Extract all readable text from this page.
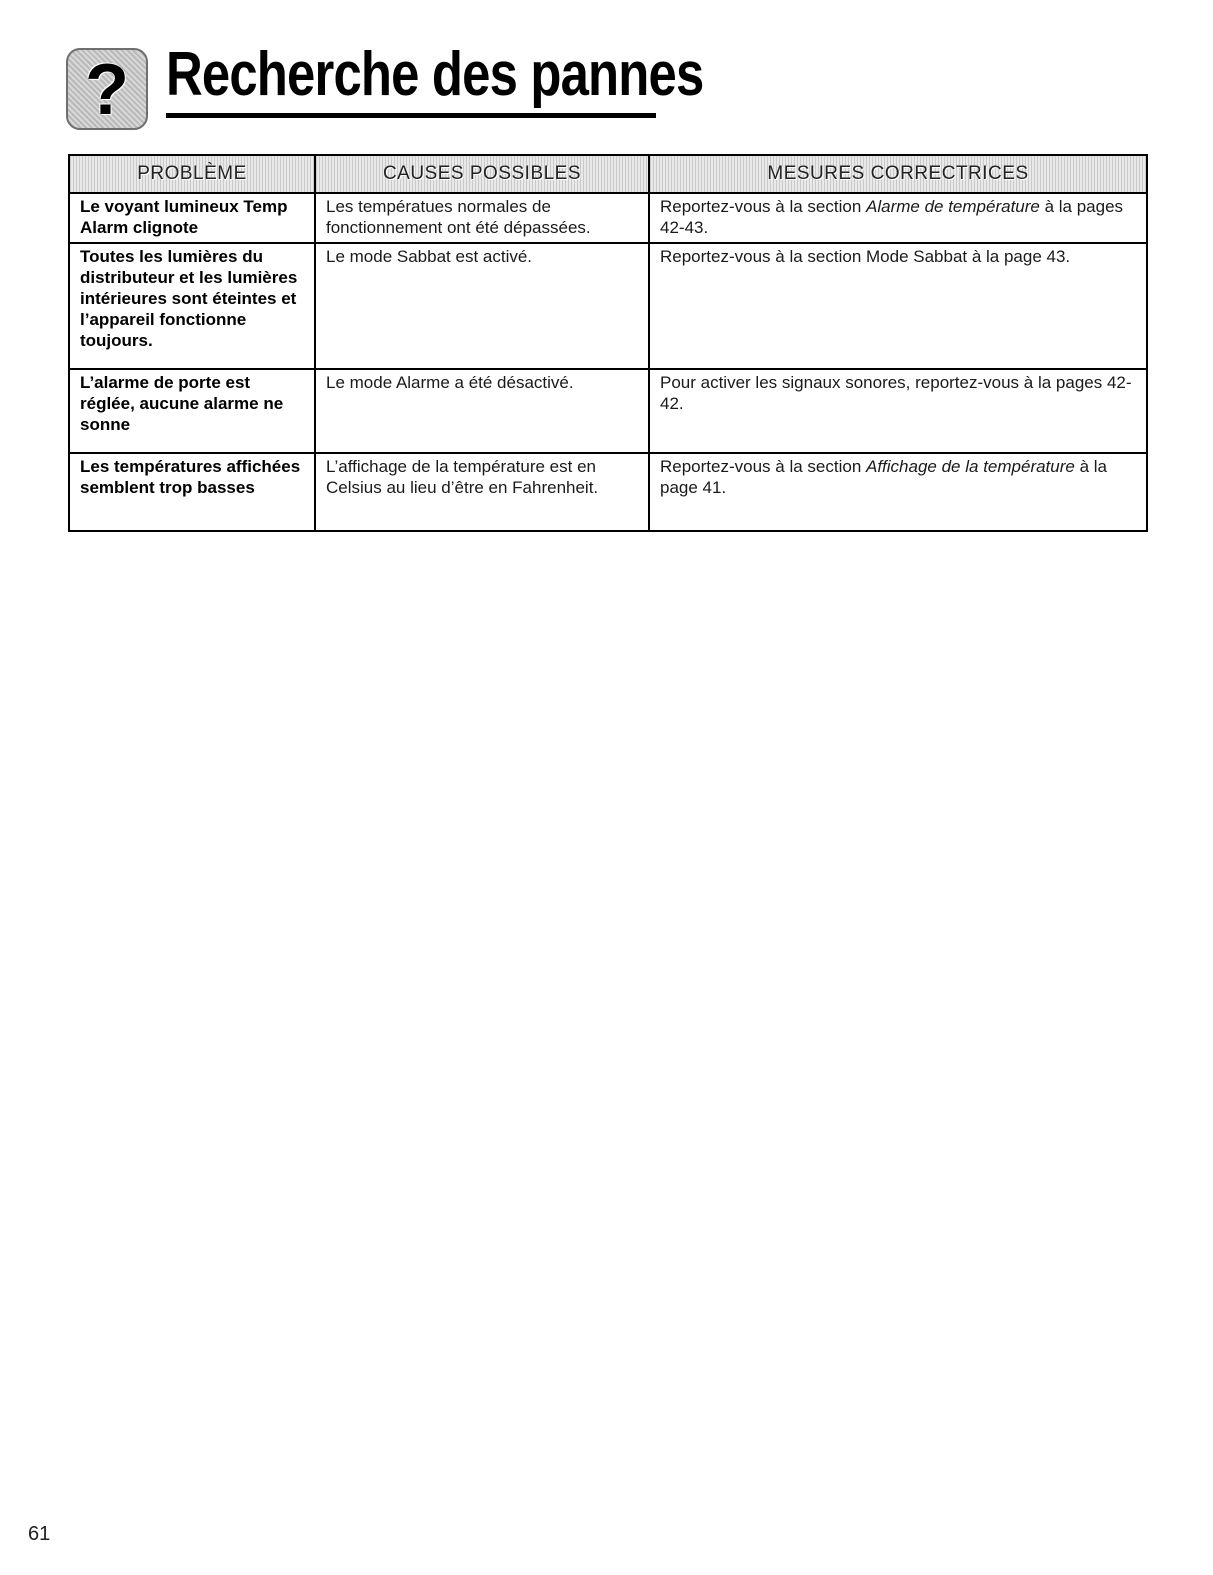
? Recherche des pannes
PROBLÈME	CAUSES POSSIBLES	MESURES CORRECTRICES
Le voyant lumineux Temp Alarm clignote	Les températues normales de fonctionnement ont été dépassées.	Reportez-vous à la section Alarme de température à la pages 42-43.
Toutes les lumières du distributeur et les lumières intérieures sont éteintes et l’appareil fonctionne toujours.	Le mode Sabbat est activé.	Reportez-vous à la section Mode Sabbat à la page 43.
L’alarme de porte est réglée, aucune alarme ne sonne	Le mode Alarme a été désactivé.	Pour activer les signaux sonores, reportez-vous à la pages 42-42.
Les températures affichées semblent trop basses	L’affichage de la température est en Celsius au lieu d’être en Fahrenheit.	Reportez-vous à la section Affichage de la température à la page 41.
61
